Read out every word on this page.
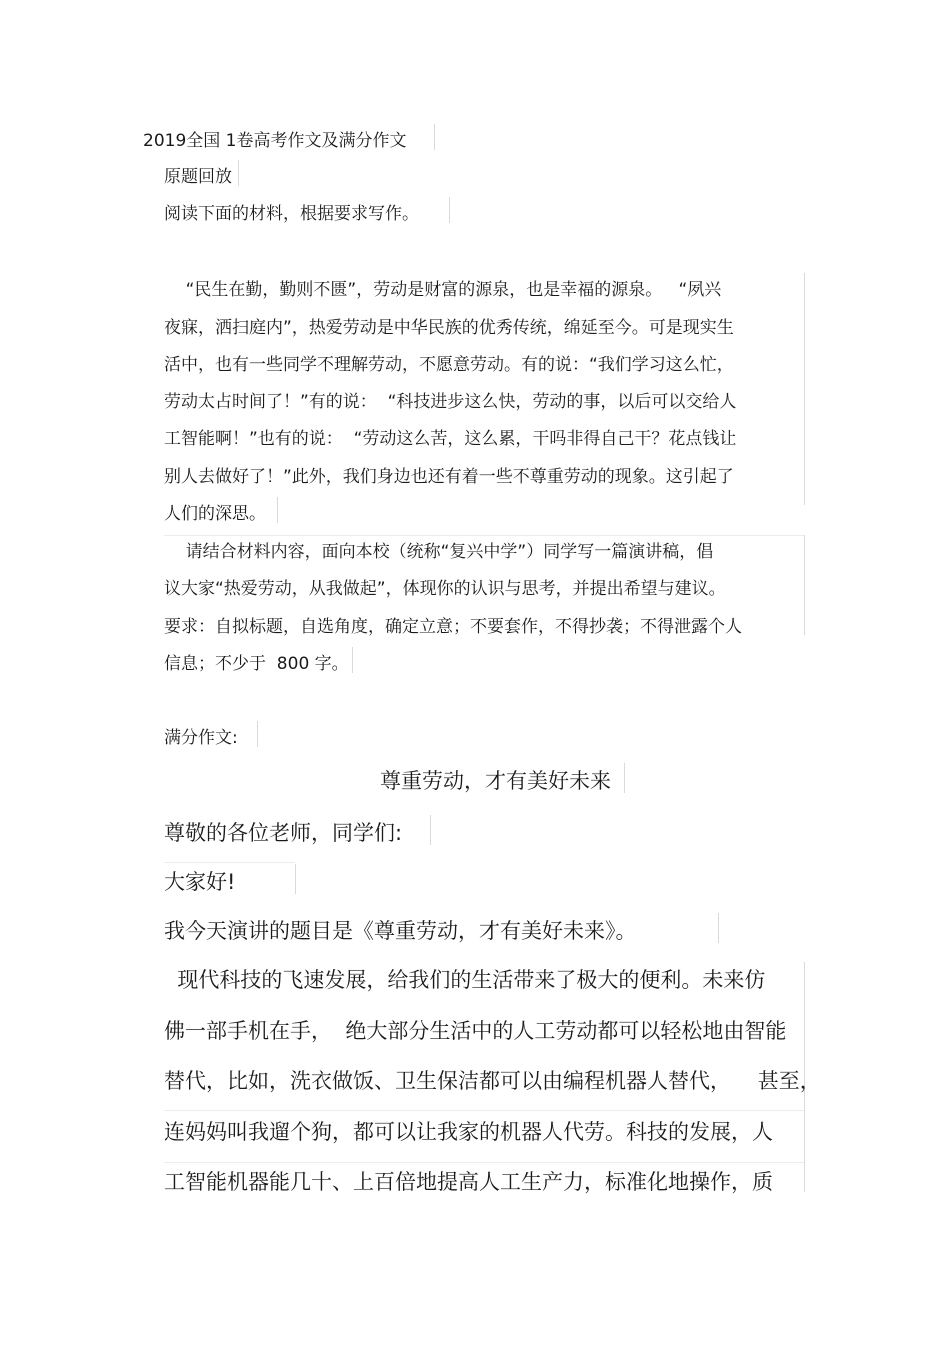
2019全国 1卷高考作文及满分作文
原题回放
阅读下面的材料，根据要求写作。
“民生在勤，勤则不匮”，劳动是财富的源泉，也是幸福的源泉。   “夙兴
夜寐，洒扫庭内”，热爱劳动是中华民族的优秀传统，绵延至今。可是现实生
活中，也有一些同学不理解劳动，不愿意劳动。有的说：“我们学习这么忙，
劳动太占时间了！”有的说：  “科技进步这么快，劳动的事，以后可以交给人
工智能啊！”也有的说：  “劳动这么苦，这么累，干吗非得自己干？花点钱让
别人去做好了！”此外，我们身边也还有着一些不尊重劳动的现象。这引起了
人们的深思。
请结合材料内容，面向本校（统称“复兴中学”）同学写一篇演讲稿，倡
议大家“热爱劳动，从我做起”，体现你的认识与思考，并提出希望与建议。
要求：自拟标题，自选角度，确定立意；不要套作，不得抄袭；不得泄露个人
信息；不少于  800 字。
满分作文:
尊重劳动，才有美好未来
尊敬的各位老师，同学们:
大家好!
我今天演讲的题目是《尊重劳动，才有美好未来》。
现代科技的飞速发展，给我们的生活带来了极大的便利。未来仿
佛一部手机在手，  绝大部分生活中的人工劳动都可以轻松地由智能
替代，比如，洗衣做饭、卫生保洁都可以由编程机器人替代，    甚至，
连妈妈叫我遛个狗，都可以让我家的机器人代劳。科技的发展，人
工智能机器能几十、上百倍地提高人工生产力，标准化地操作，质
